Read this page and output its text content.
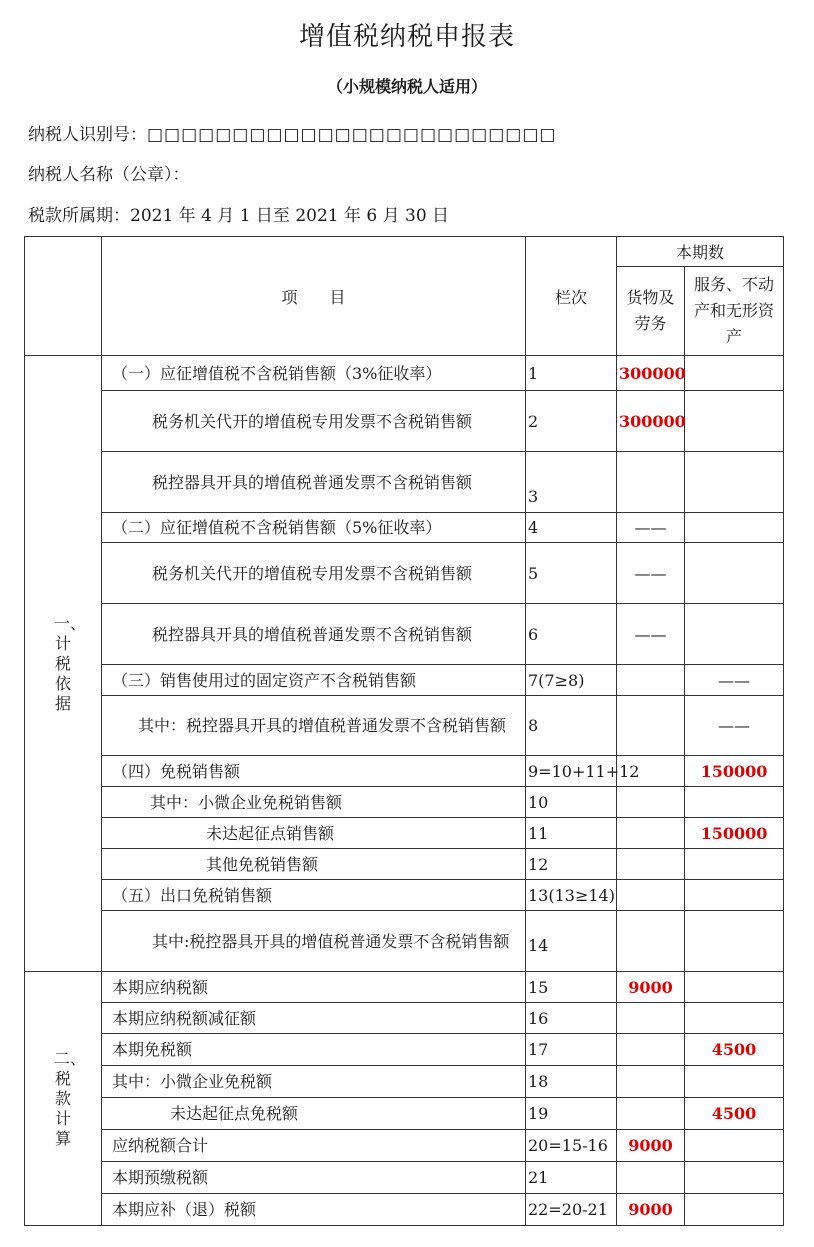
增值税纳税申报表
（小规模纳税人适用）
纳税人识别号：□□□□□□□□□□□□□□□□□□□□□□□□
纳税人名称（公章）：
税款所属期：2021 年 4 月 1 日至 2021 年 6 月 30 日
	项　　目	栏次	本期数	
			货物及劳务	服务、不动产和无形资产

一、计税依据	（一）应征增值税不含税销售额（3%征收率）	1	300000	

	税务机关代开的增值税专用发票不含税销售额	2	300000	

	税控器具开具的增值税普通发票不含税销售额	3		
	（二）应征增值税不含税销售额（5%征收率）	4	——	

	税务机关代开的增值税专用发票不含税销售额	5	——	

	税控器具开具的增值税普通发票不含税销售额	6	——	
	（三）销售使用过的固定资产不含税销售额	7(7≥8)		——

	其中：税控器具开具的增值税普通发票不含税销售额	8		——
	（四）免税销售额	9=10+11+12		150000
	其中：小微企业免税销售额	10		
	未达起征点销售额	11		150000
	其他免税销售额	12		
	（五）出口免税销售额	13(13≥14)		

	其中:税控器具开具的增值税普通发票不含税销售额	14		

二、税款计算	本期应纳税额	15	9000	
	本期应纳税额减征额	16		
	本期免税额	17		4500
	其中：小微企业免税额	18		
	未达起征点免税额	19		4500
	应纳税额合计	20=15-16	9000	
	本期预缴税额	21		
	本期应补（退）税额	22=20-21	9000	
